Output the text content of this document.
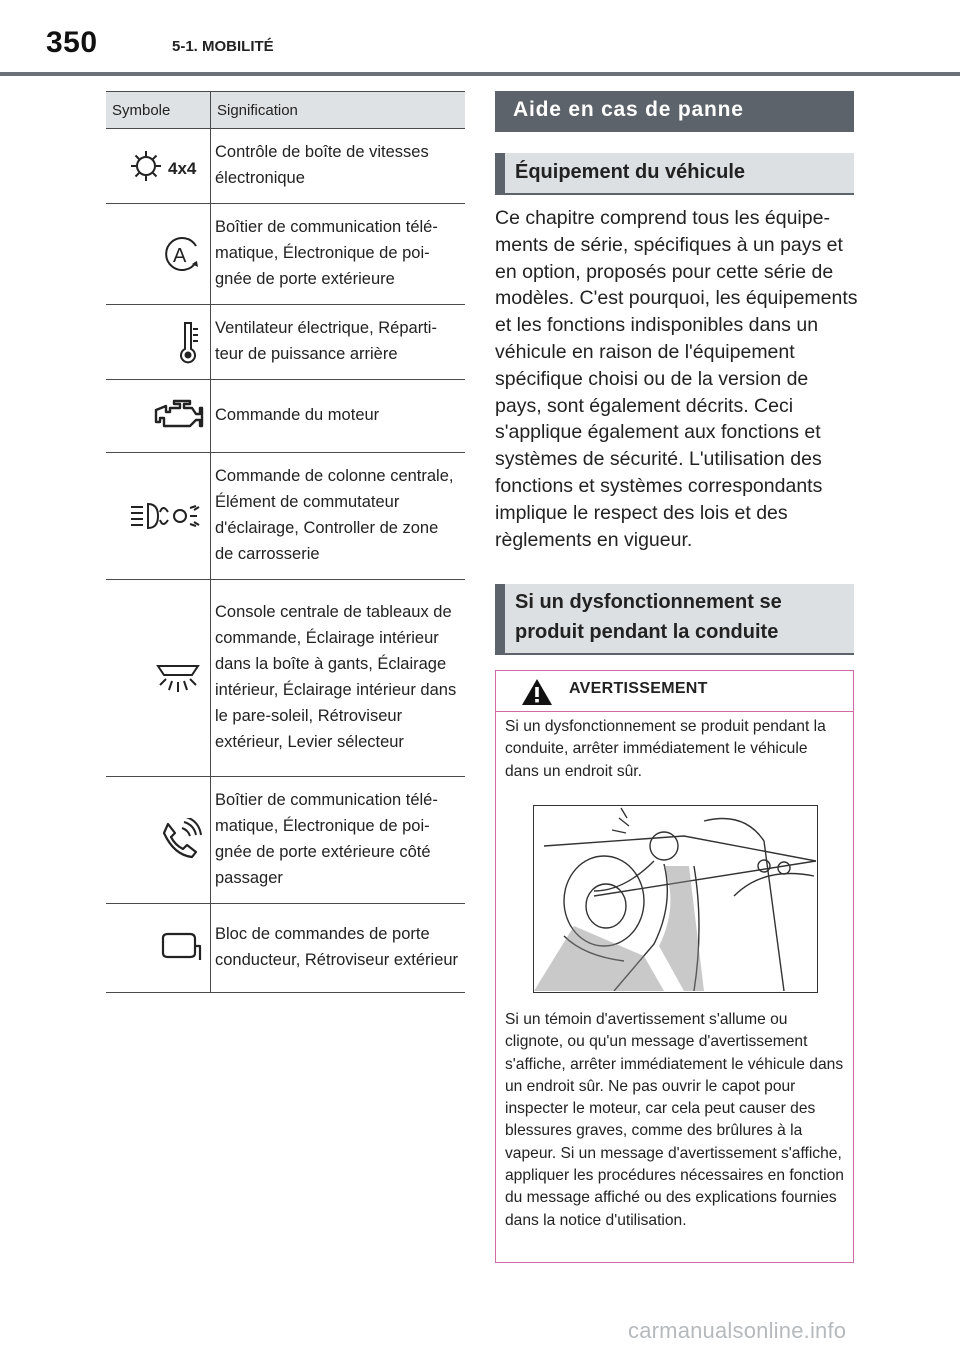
350	5-1. MOBILITÉ
Symbole	Signification

4x4	Contrôle de boîte de vitesses électronique

A	Boîtier de communication télématique, Électronique de poignée de porte extérieure
	Ventilateur électrique, Répartiteur de puissance arrière
	Commande du moteur
	Commande de colonne centrale, Élément de commutateur d'éclairage, Controller de zone de carrosserie
	Console centrale de tableaux de commande, Éclairage intérieur dans la boîte à gants, Éclairage intérieur, Éclairage intérieur dans le pare-soleil, Rétroviseur extérieur, Levier sélecteur
	Boîtier de communication télématique, Électronique de poignée de porte extérieure côté passager
	Bloc de commandes de porte conducteur, Rétroviseur extérieur
Aide en cas de panne
Équipement du véhicule

Ce chapitre comprend tous les équipements de série, spécifiques à un pays et en option, proposés pour cette série de modèles. C'est pourquoi, les équipements et les fonctions indisponibles dans un véhicule en raison de l'équipement spécifique choisi ou de la version de pays, sont également décrits. Ceci s'applique également aux fonctions et systèmes de sécurité. L'utilisation des fonctions et systèmes correspondants implique le respect des lois et des règlements en vigueur.

Si un dysfonctionnement se produit pendant la conduite
AVERTISSEMENT

Si un dysfonctionnement se produit pendant la conduite, arrêter immédiatement le véhicule dans un endroit sûr.

Si un témoin d'avertissement s'allume ou clignote, ou qu'un message d'avertissement s'affiche, arrêter immédiatement le véhicule dans un endroit sûr. Ne pas ouvrir le capot pour inspecter le moteur, car cela peut causer des blessures graves, comme des brûlures à la vapeur. Si un message d'avertissement s'affiche, appliquer les procédures nécessaires en fonction du message affiché ou des explications fournies dans la notice d'utilisation.

carmanualsonline.info
